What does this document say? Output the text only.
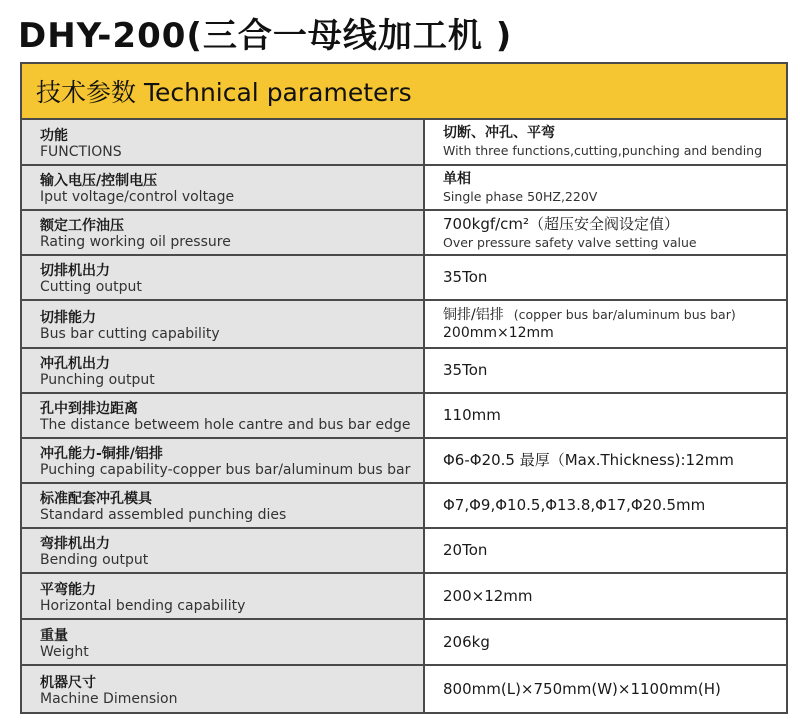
DHY-200(三合一母线加工机 )
技术参数 Technical parameters
功能
FUNCTIONS
切断、冲孔、平弯
With three functions,cutting,punching and bending
输入电压/控制电压
Iput voltage/control voltage
单相
Single phase 50HZ,220V
额定工作油压
Rating working oil pressure
700kgf/cm²（超压安全阀设定值）
Over pressure safety valve setting value
切排机出力
Cutting output
35Ton
切排能力
Bus bar cutting capability
铜排/铝排 (copper bus bar/aluminum bus bar)
200mm×12mm
冲孔机出力
Punching output
35Ton
孔中到排边距离
The distance betweem hole cantre and bus bar edge
110mm
冲孔能力-铜排/铝排
Puching capability-copper bus bar/aluminum bus bar
Φ6-Φ20.5 最厚（Max.Thickness):12mm
标准配套冲孔模具
Standard assembled punching dies
Φ7,Φ9,Φ10.5,Φ13.8,Φ17,Φ20.5mm
弯排机出力
Bending output
20Ton
平弯能力
Horizontal bending capability
200×12mm
重量
Weight
206kg
机器尺寸
Machine Dimension
800mm(L)×750mm(W)×1100mm(H)
